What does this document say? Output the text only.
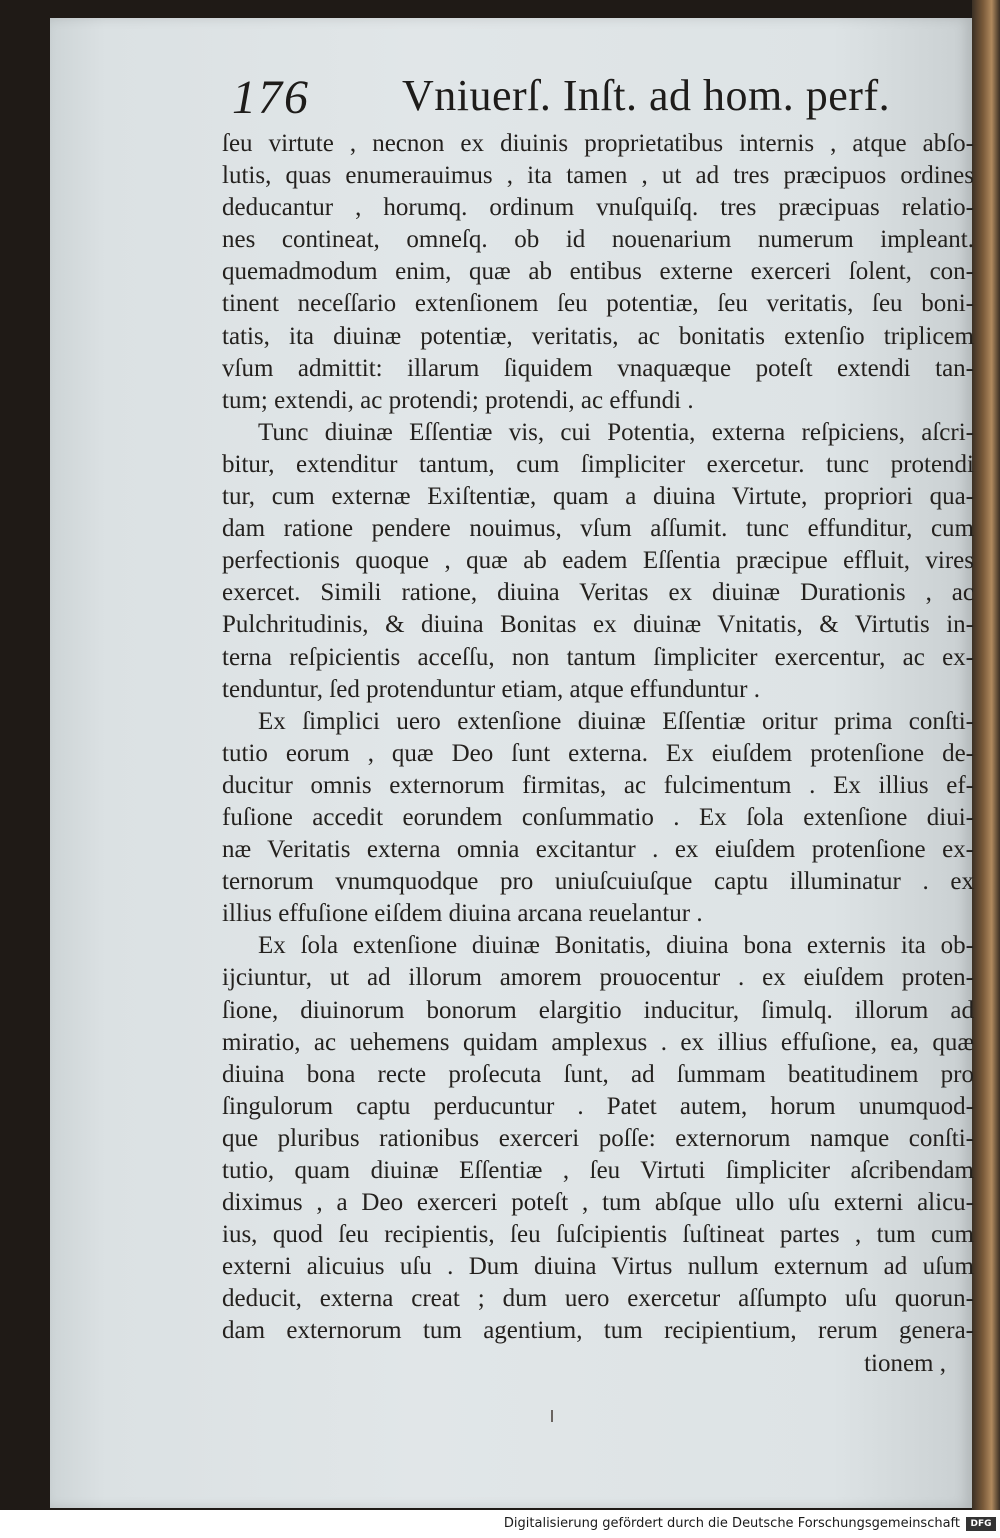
176 Vniuerſ. Inſt. ad hom. perf.
ſeu virtute , necnon ex diuinis proprietatibus internis , atque abſo-
lutis, quas enumerauimus , ita tamen , ut ad tres præcipuos ordines
deducantur , horumq. ordinum vnuſquiſq. tres præcipuas relatio-
nes contineat, omneſq. ob id nouenarium numerum impleant.
quemadmodum enim, quæ ab entibus externe exerceri ſolent, con-
tinent neceſſario extenſionem ſeu potentiæ, ſeu veritatis, ſeu boni-
tatis, ita diuinæ potentiæ, veritatis, ac bonitatis extenſio triplicem
vſum admittit: illarum ſiquidem vnaquæque poteſt extendi tan-
tum; extendi, ac protendi; protendi, ac effundi .
Tunc diuinæ Eſſentiæ vis, cui Potentia, externa reſpiciens, aſcri-
bitur, extenditur tantum, cum ſimpliciter exercetur. tunc protendi
tur, cum externæ Exiſtentiæ, quam a diuina Virtute, propriori qua-
dam ratione pendere nouimus, vſum aſſumit. tunc effunditur, cum
perfectionis quoque , quæ ab eadem Eſſentia præcipue effluit, vires
exercet. Simili ratione, diuina Veritas ex diuinæ Durationis , ac
Pulchritudinis, & diuina Bonitas ex diuinæ Vnitatis, & Virtutis in-
terna reſpicientis acceſſu, non tantum ſimpliciter exercentur, ac ex-
tenduntur, ſed protenduntur etiam, atque effunduntur .
Ex ſimplici uero extenſione diuinæ Eſſentiæ oritur prima conſti-
tutio eorum , quæ Deo ſunt externa. Ex eiuſdem protenſione de-
ducitur omnis externorum firmitas, ac fulcimentum . Ex illius ef-
fuſione accedit eorundem conſummatio . Ex ſola extenſione diui-
næ Veritatis externa omnia excitantur . ex eiuſdem protenſione ex-
ternorum vnumquodque pro uniuſcuiuſque captu illuminatur . ex
illius effuſione eiſdem diuina arcana reuelantur .
Ex ſola extenſione diuinæ Bonitatis, diuina bona externis ita ob-
ijciuntur, ut ad illorum amorem prouocentur . ex eiuſdem proten-
ſione, diuinorum bonorum elargitio inducitur, ſimulq. illorum ad
miratio, ac uehemens quidam amplexus . ex illius effuſione, ea, quæ
diuina bona recte proſecuta ſunt, ad ſummam beatitudinem pro
ſingulorum captu perducuntur . Patet autem, horum unumquod-
que pluribus rationibus exerceri poſſe: externorum namque conſti-
tutio, quam diuinæ Eſſentiæ , ſeu Virtuti ſimpliciter aſcribendam
diximus , a Deo exerceri poteſt , tum abſque ullo uſu externi alicu-
ius, quod ſeu recipientis, ſeu ſuſcipientis ſuſtineat partes , tum cum
externi alicuius uſu . Dum diuina Virtus nullum externum ad uſum
deducit, externa creat ; dum uero exercetur aſſumpto uſu quorun-
dam externorum tum agentium, tum recipientium, rerum genera-
tionem ,
Digitalisierung gefördert durch die Deutsche Forschungsgemeinschaft	DFG
